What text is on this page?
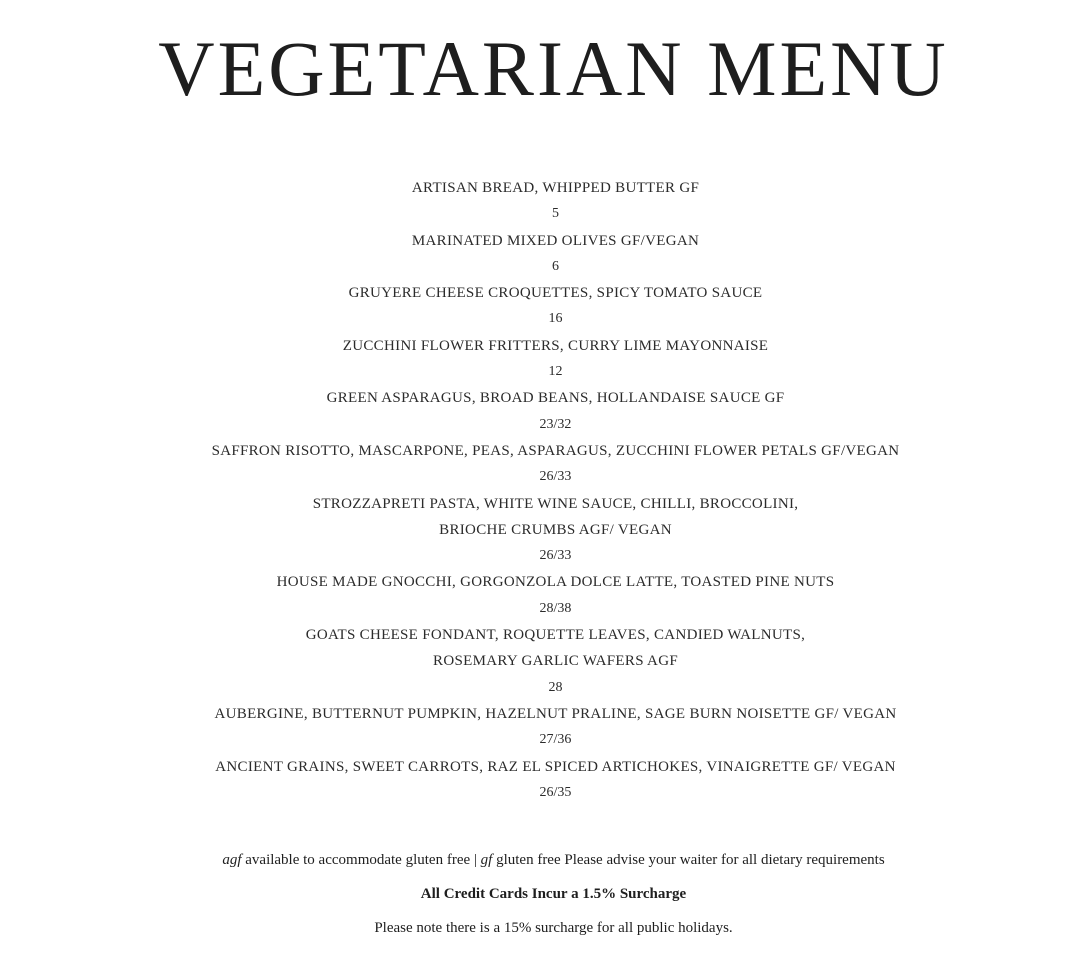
VEGETARIAN MENU
ARTISAN BREAD, WHIPPED BUTTER GF
5
MARINATED MIXED OLIVES GF/VEGAN
6
GRUYERE CHEESE CROQUETTES, SPICY TOMATO SAUCE
16
ZUCCHINI FLOWER FRITTERS, CURRY LIME MAYONNAISE
12
GREEN ASPARAGUS, BROAD BEANS, HOLLANDAISE SAUCE GF
23/32
SAFFRON RISOTTO, MASCARPONE, PEAS, ASPARAGUS, ZUCCHINI FLOWER PETALS GF/VEGAN
26/33
STROZZAPRETI PASTA, WHITE WINE SAUCE, CHILLI, BROCCOLINI,
BRIOCHE CRUMBS AGF/ VEGAN
26/33
HOUSE MADE GNOCCHI, GORGONZOLA DOLCE LATTE, TOASTED PINE NUTS
28/38
GOATS CHEESE FONDANT, ROQUETTE LEAVES, CANDIED WALNUTS,
ROSEMARY GARLIC WAFERS AGF
28
AUBERGINE, BUTTERNUT PUMPKIN, HAZELNUT PRALINE, SAGE BURN NOISETTE GF/ VEGAN
27/36
ANCIENT GRAINS, SWEET CARROTS, RAZ EL SPICED ARTICHOKES, VINAIGRETTE GF/ VEGAN
26/35

agf available to accommodate gluten free | gf gluten free Please advise your waiter for all dietary requirements

All Credit Cards Incur a 1.5% Surcharge

Please note there is a 15% surcharge for all public holidays.
